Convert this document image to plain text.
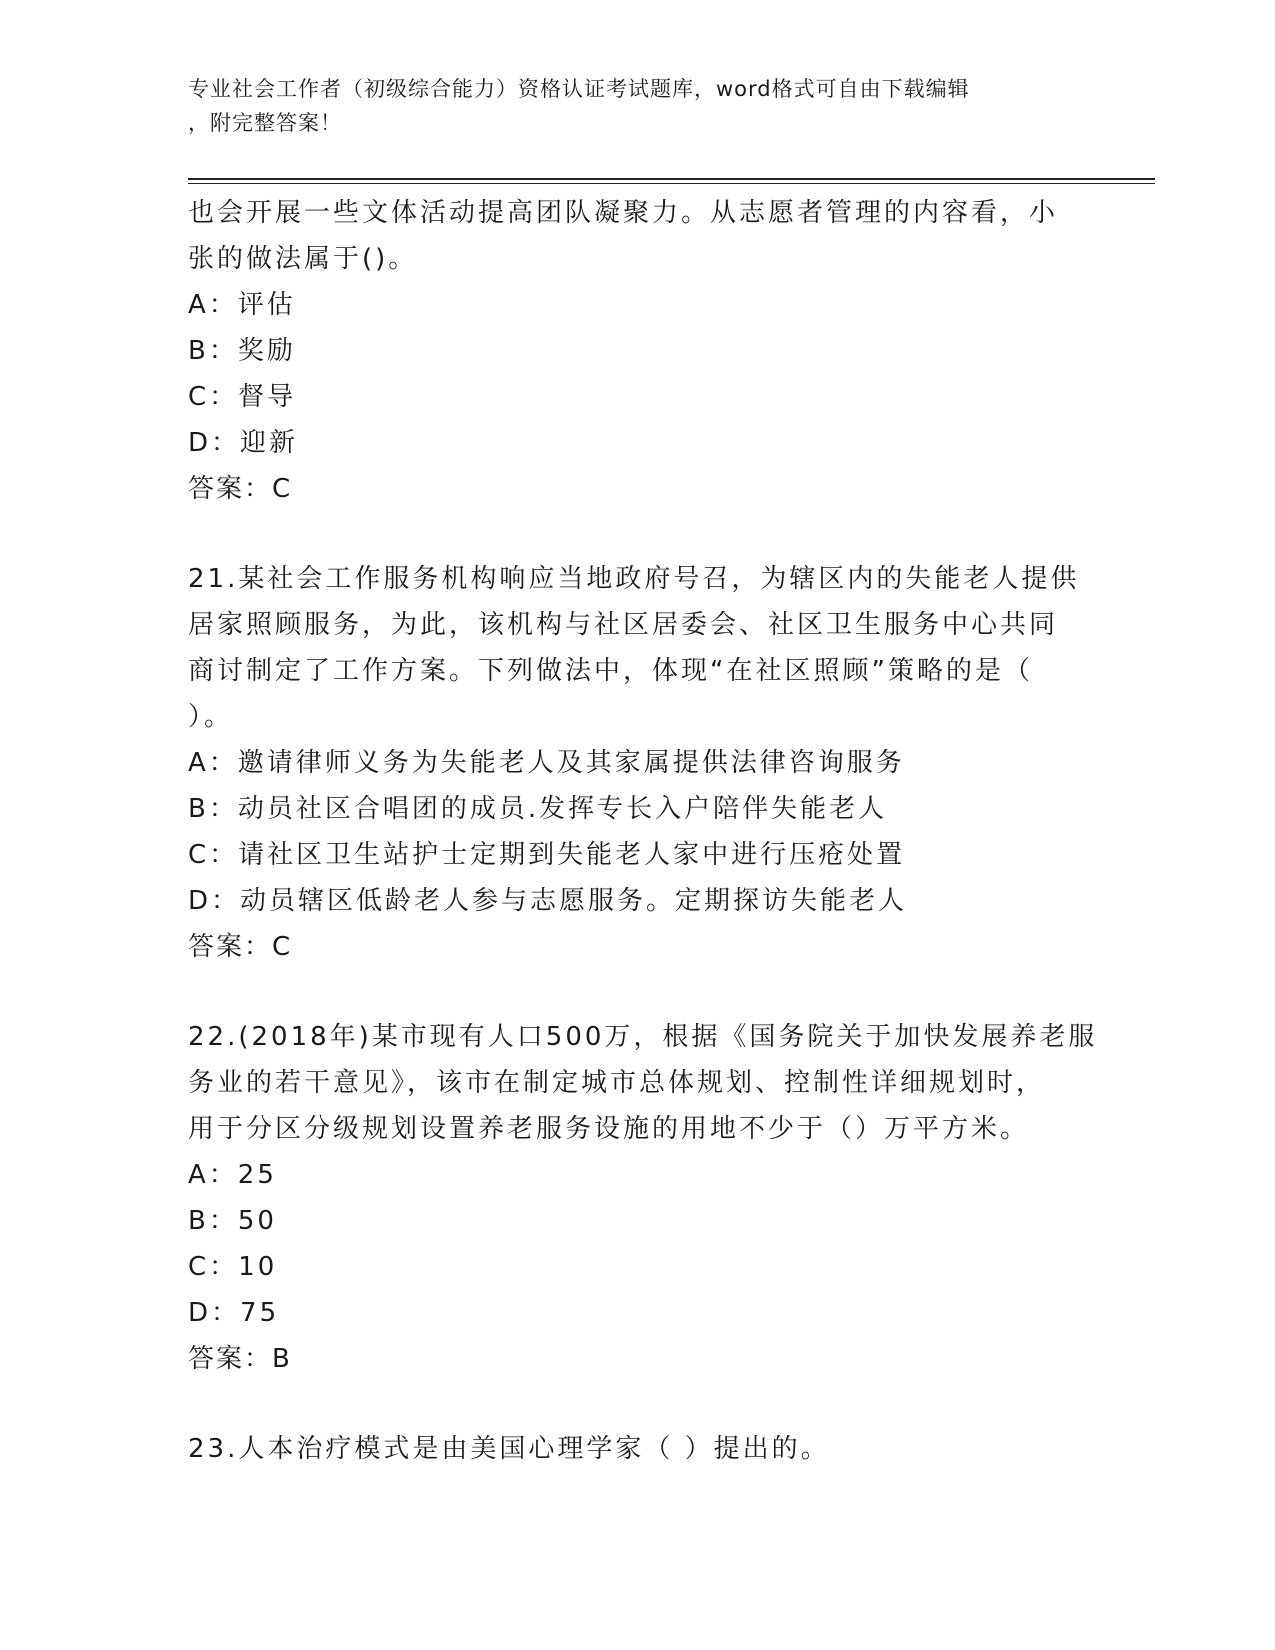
专业社会工作者（初级综合能力）资格认证考试题库，word格式可自由下载编辑
，附完整答案！
也会开展一些文体活动提高团队凝聚力。从志愿者管理的内容看，小
张的做法属于()。
A：评估
B：奖励
C：督导
D：迎新
答案：C
21.某社会工作服务机构响应当地政府号召，为辖区内的失能老人提供
居家照顾服务，为此，该机构与社区居委会、社区卫生服务中心共同
商讨制定了工作方案。下列做法中，体现“在社区照顾”策略的是（
）。
A：邀请律师义务为失能老人及其家属提供法律咨询服务
B：动员社区合唱团的成员.发挥专长入户陪伴失能老人
C：请社区卫生站护士定期到失能老人家中进行压疮处置
D：动员辖区低龄老人参与志愿服务。定期探访失能老人
答案：C
22.(2018年)某市现有人口500万，根据《国务院关于加快发展养老服
务业的若干意见》，该市在制定城市总体规划、控制性详细规划时，
用于分区分级规划设置养老服务设施的用地不少于（）万平方米。
A：25
B：50
C：10
D：75
答案：B
23.人本治疗模式是由美国心理学家（ ）提出的。
